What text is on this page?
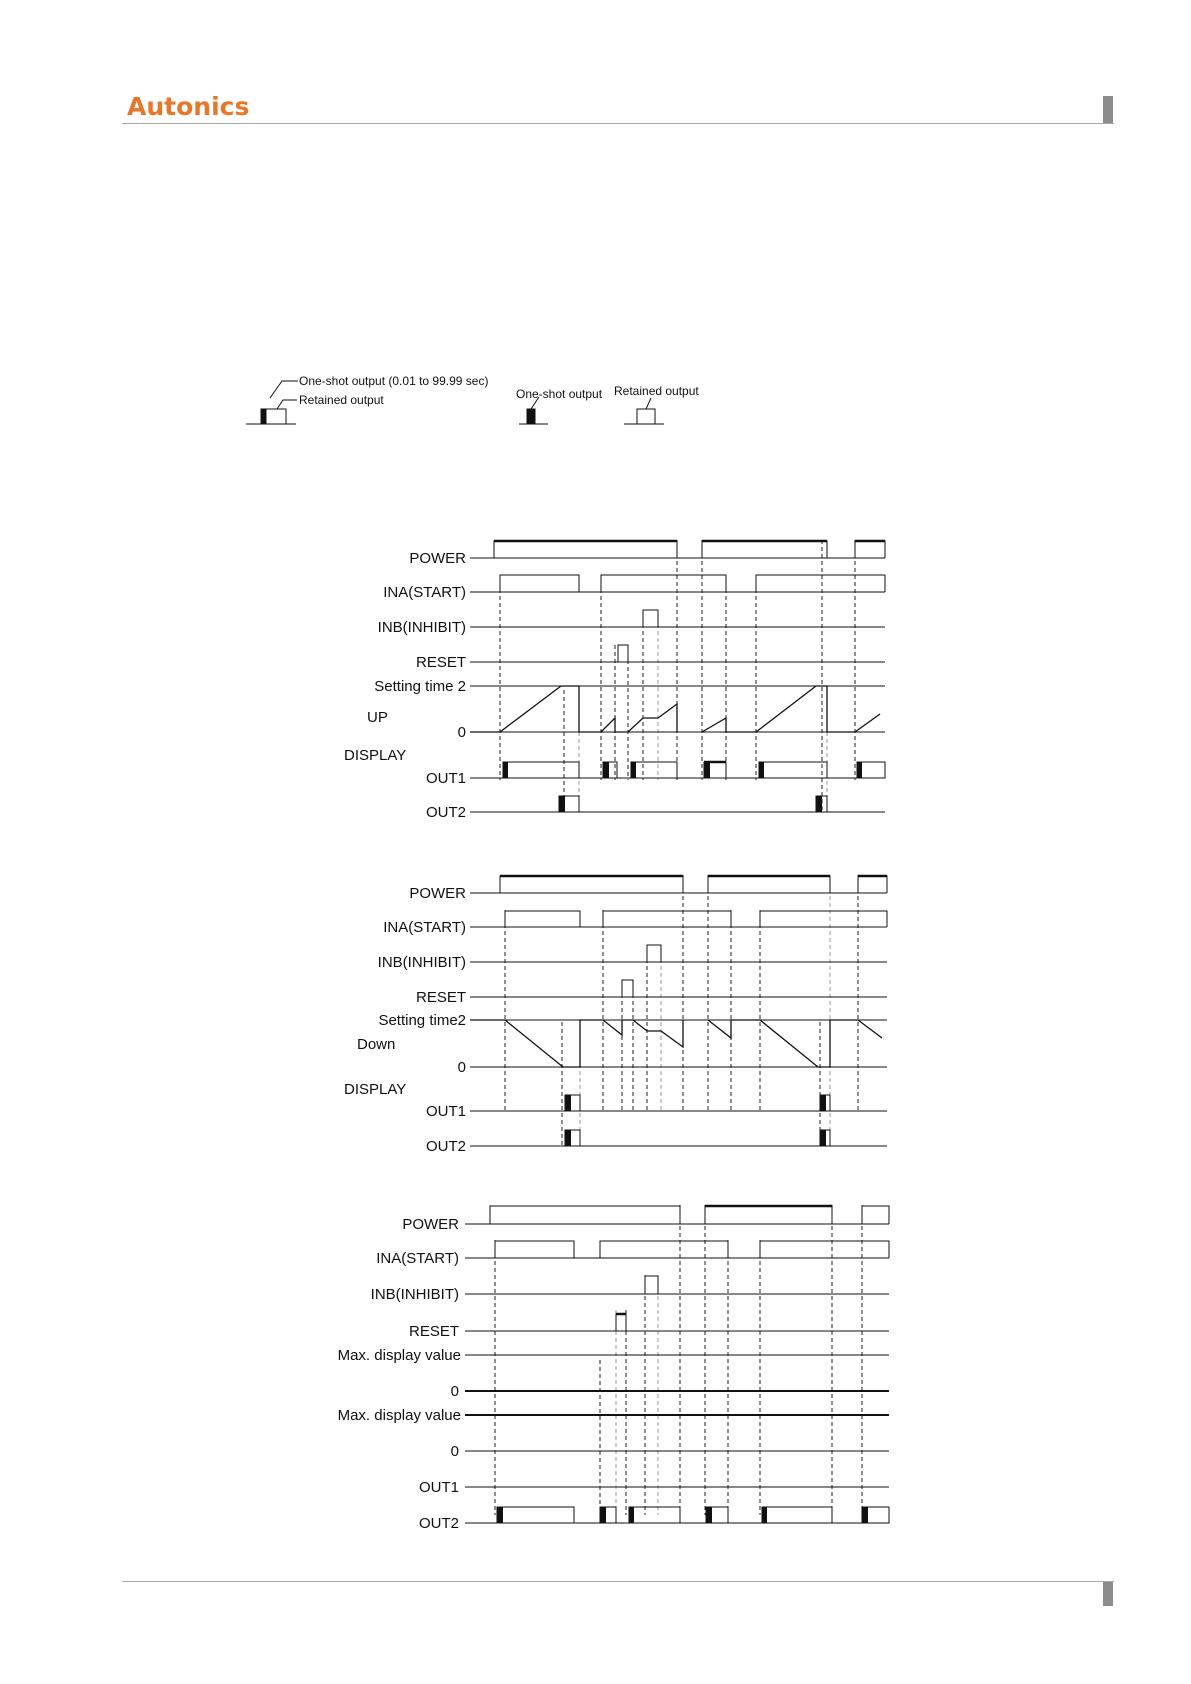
Autonics
One-shot output (0.01 to 99.99 sec)
Retained output	One-shot output Retained output
POWER
INA(START)
INB(INHIBIT)
RESET
Setting time 2
UP
0
DISPLAY
OUT1
OUT2
POWER
INA(START)
INB(INHIBIT)
RESET
Setting time2
Down
0
DISPLAY
OUT1
OUT2
POWER
INA(START)
INB(INHIBIT)
RESET
Max. display value
0
Max. display value
0
OUT1
OUT2
